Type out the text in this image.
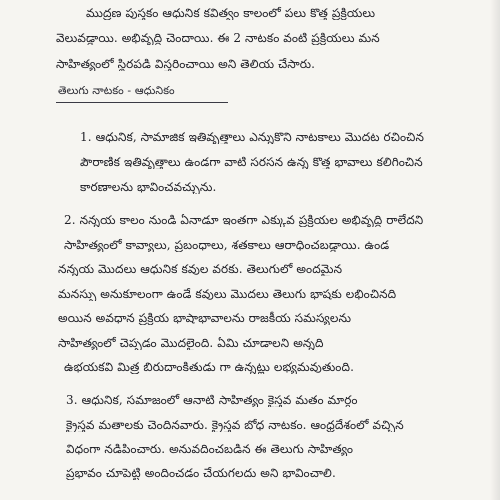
ముద్రణ పుస్తకం ఆధునిక కవిత్వం కాలంలో పలు కొత్త ప్రక్రియలు
వెలువడ్డాయి. అభివృద్ధి చెందాయి. ఈ 2 నాటకం వంటి ప్రక్రియలు మన
సాహిత్యంలో స్థిరపడి విస్తరించాయి అని తెలియ చేసారు.
తెలుగు నాటకం - ఆధునికం
1. ఆధునిక, సామాజిక ఇతివృత్తాలు ఎన్నుకొని నాటకాలు మొదట రచించిన
పౌరాణిక ఇతివృత్తాలు ఉండగా వాటి సరసన ఉన్న కొత్త భావాలు కలిగించిన
కారణాలను భావించవచ్చును.
2. నన్నయ కాలం నుండి ఏనాడూ ఇంతగా ఎక్కువ ప్రక్రియల అభివృద్ధి రాలేదని
సాహిత్యంలో కావ్యాలు, ప్రబంధాలు, శతకాలు ఆరాధించబడ్డాయి. ఉండ
నన్నయ మొదలు ఆధునిక కవుల వరకు. తెలుగులో అందమైన
మనస్సు అనుకూలంగా ఉండే కవులు మొదలు తెలుగు భాషకు లభించినది
అయిన అవధాన ప్రక్రియ భాషాభావాలను రాజకీయ సమస్యలను
సాహిత్యంలో చెప్పడం మొదలైంది. ఏమి చూడాలని అన్నది
ఉభయకవి మిత్ర బిరుదాంకితుడు గా ఉన్నట్లు లభ్యమవుతుంది.
3. ఆధునిక, సమాజంలో ఆనాటి సాహిత్యం కైస్తవ మతం మార్గం
క్రైస్తవ మతాలకు చెందినవారు. క్రైస్తవ బోధ నాటకం. ఆంధ్రదేశంలో వచ్చిన
విధంగా నడిపించారు. అనువదించబడిన ఈ తెలుగు సాహిత్యం
ప్రభావం చూపెట్టి అందించడం చేయగలదు అని భావించాలి.
